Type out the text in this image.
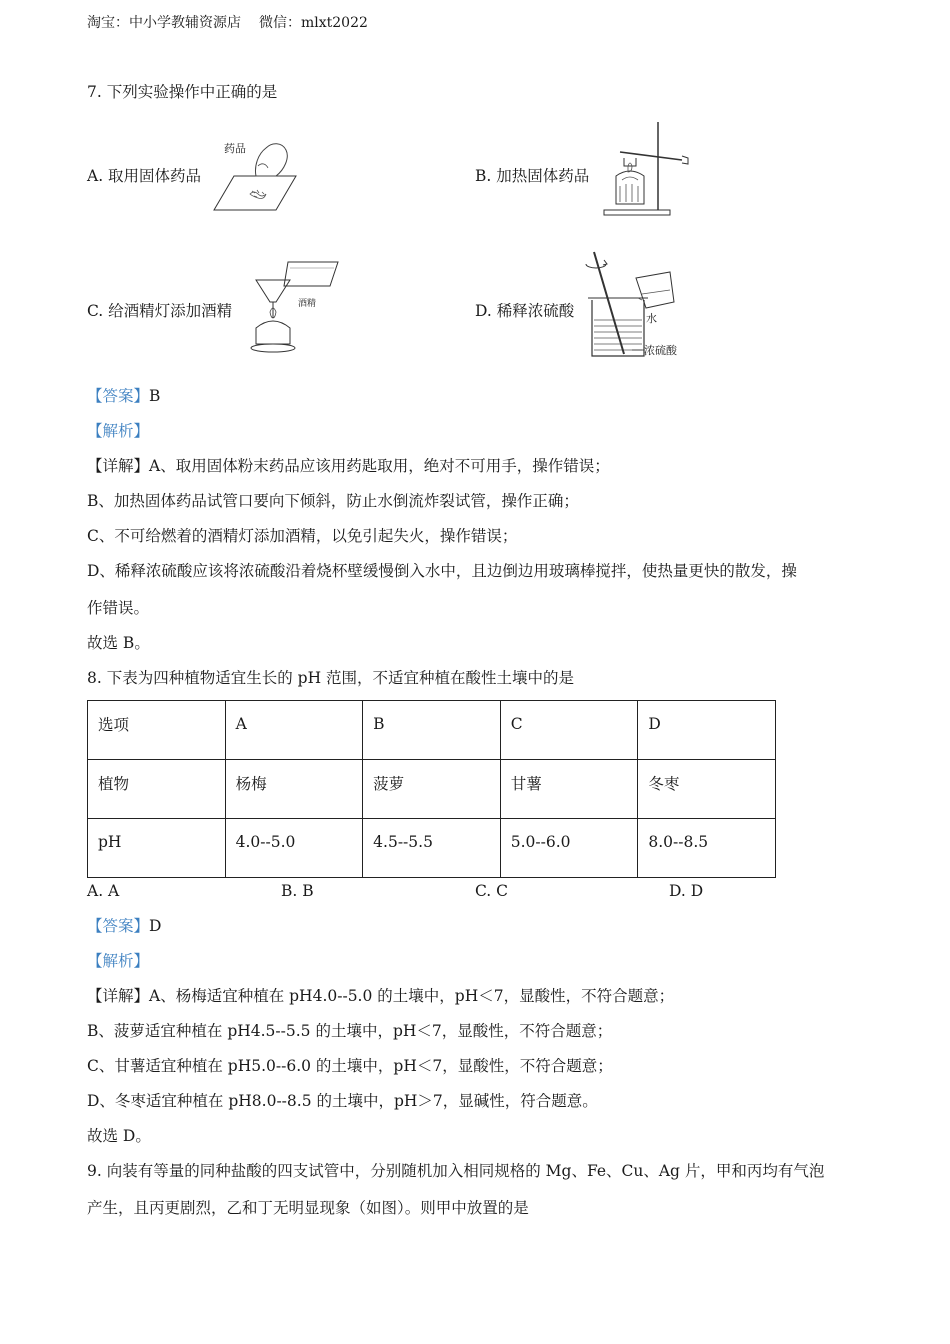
淘宝：中小学教辅资源店 微信：mlxt2022
7. 下列实验操作中正确的是
A. 取用固体药品	B. 加热固体药品
C. 给酒精灯添加酒精	D. 稀释浓硫酸
药品
酒精
水
浓硫酸
【答案】B
【解析】
【详解】A、取用固体粉末药品应该用药匙取用，绝对不可用手，操作错误；
B、加热固体药品试管口要向下倾斜，防止水倒流炸裂试管，操作正确；
C、不可给燃着的酒精灯添加酒精，以免引起失火，操作错误；
D、稀释浓硫酸应该将浓硫酸沿着烧杯壁缓慢倒入水中，且边倒边用玻璃棒搅拌，使热量更快的散发，操
作错误。
故选 B。
8. 下表为四种植物适宜生长的 pH 范围，不适宜种植在酸性土壤中的是
选项	A	B	C	D
植物	杨梅	菠萝	甘薯	冬枣
pH	4.0--5.0	4.5--5.5	5.0--6.0	8.0--8.5
A. A	B. B	C. C	D. D
【答案】D
【解析】
【详解】A、杨梅适宜种植在 pH4.0--5.0 的土壤中，pH＜7，显酸性，不符合题意；
B、菠萝适宜种植在 pH4.5--5.5 的土壤中，pH＜7，显酸性，不符合题意；
C、甘薯适宜种植在 pH5.0--6.0 的土壤中，pH＜7，显酸性，不符合题意；
D、冬枣适宜种植在 pH8.0--8.5 的土壤中，pH＞7，显碱性，符合题意。
故选 D。
9. 向装有等量的同种盐酸的四支试管中，分别随机加入相同规格的 Mg、Fe、Cu、Ag 片，甲和丙均有气泡
产生，且丙更剧烈，乙和丁无明显现象（如图）。则甲中放置的是
